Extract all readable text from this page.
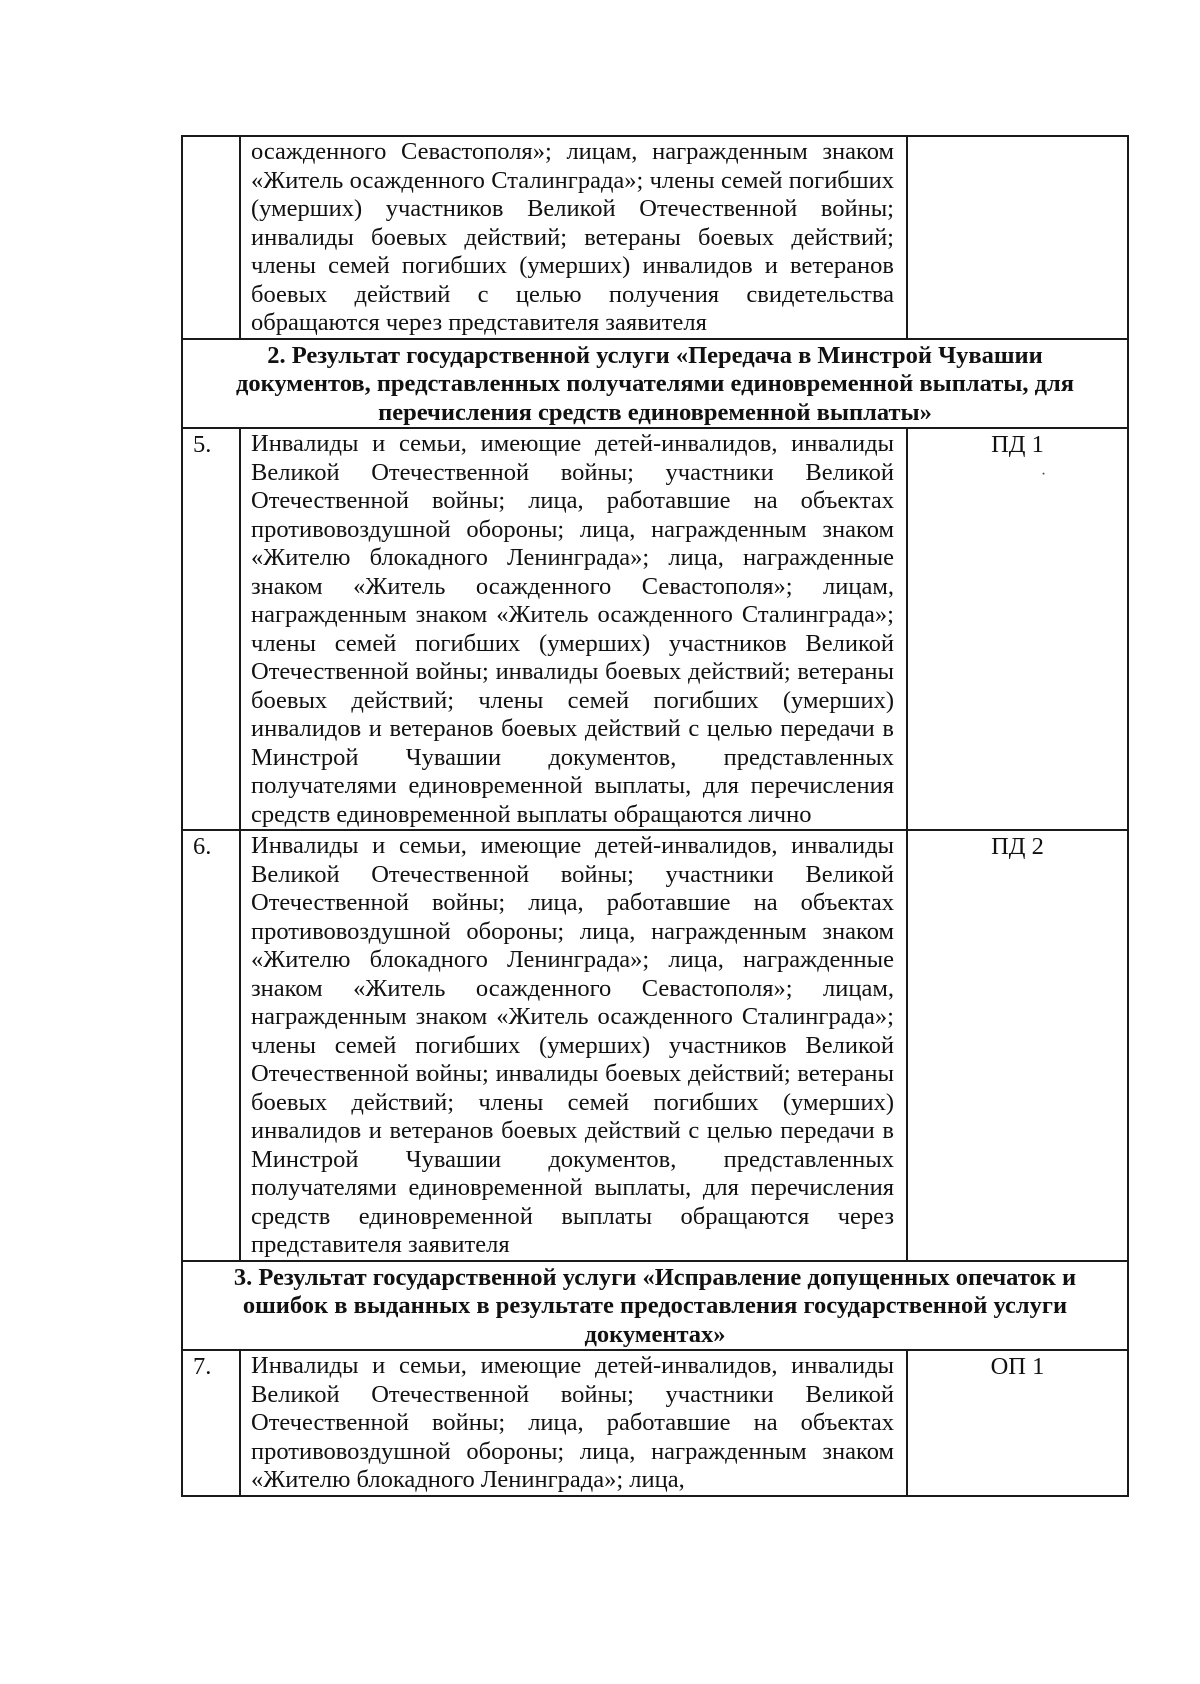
	осажденного Севастополя»; лицам, награжденным знаком «Житель осажденного Сталинграда»; члены семей погибших (умерших) участников Великой Отечественной войны; инвалиды боевых действий; ветераны боевых действий; члены семей погибших (умерших) инвалидов и ветеранов боевых действий с целью получения свидетельства обращаются через представителя заявителя	

2. Результат государственной услуги «Передача в Минстрой Чувашии документов, представленных получателями единовременной выплаты, для перечисления средств единовременной выплаты»		
5.	Инвалиды и семьи, имеющие детей-инвалидов, инвалиды Великой Отечественной войны; участники Великой Отечественной войны; лица, работавшие на объектах противовоздушной обороны; лица, награжденным знаком «Жителю блокадного Ленинграда»; лица, награжденные знаком «Житель осажденного Севастополя»; лицам, награжденным знаком «Житель осажденного Сталинграда»; члены семей погибших (умерших) участников Великой Отечественной войны; инвалиды боевых действий; ветераны боевых действий; члены семей погибших (умерших) инвалидов и ветеранов боевых действий с целью передачи в Минстрой Чувашии документов, представленных получателями единовременной выплаты, для перечисления средств единовременной выплаты обращаются лично	ПД 1
·

6.	Инвалиды и семьи, имеющие детей-инвалидов, инвалиды Великой Отечественной войны; участники Великой Отечественной войны; лица, работавшие на объектах противовоздушной обороны; лица, награжденным знаком «Жителю блокадного Ленинграда»; лица, награжденные знаком «Житель осажденного Севастополя»; лицам, награжденным знаком «Житель осажденного Сталинграда»; члены семей погибших (умерших) участников Великой Отечественной войны; инвалиды боевых действий; ветераны боевых действий; члены семей погибших (умерших) инвалидов и ветеранов боевых действий с целью передачи в Минстрой Чувашии документов, представленных получателями единовременной выплаты, для перечисления средств единовременной выплаты обращаются через представителя заявителя	ПД 2
3. Результат государственной услуги «Исправление допущенных опечаток и ошибок в выданных в результате предоставления государственной услуги документах»		
7.	Инвалиды и семьи, имеющие детей-инвалидов, инвалиды Великой Отечественной войны; участники Великой Отечественной войны; лица, работавшие на объектах противовоздушной обороны; лица, награжденным знаком «Жителю блокадного Ленинграда»; лица,	ОП 1
